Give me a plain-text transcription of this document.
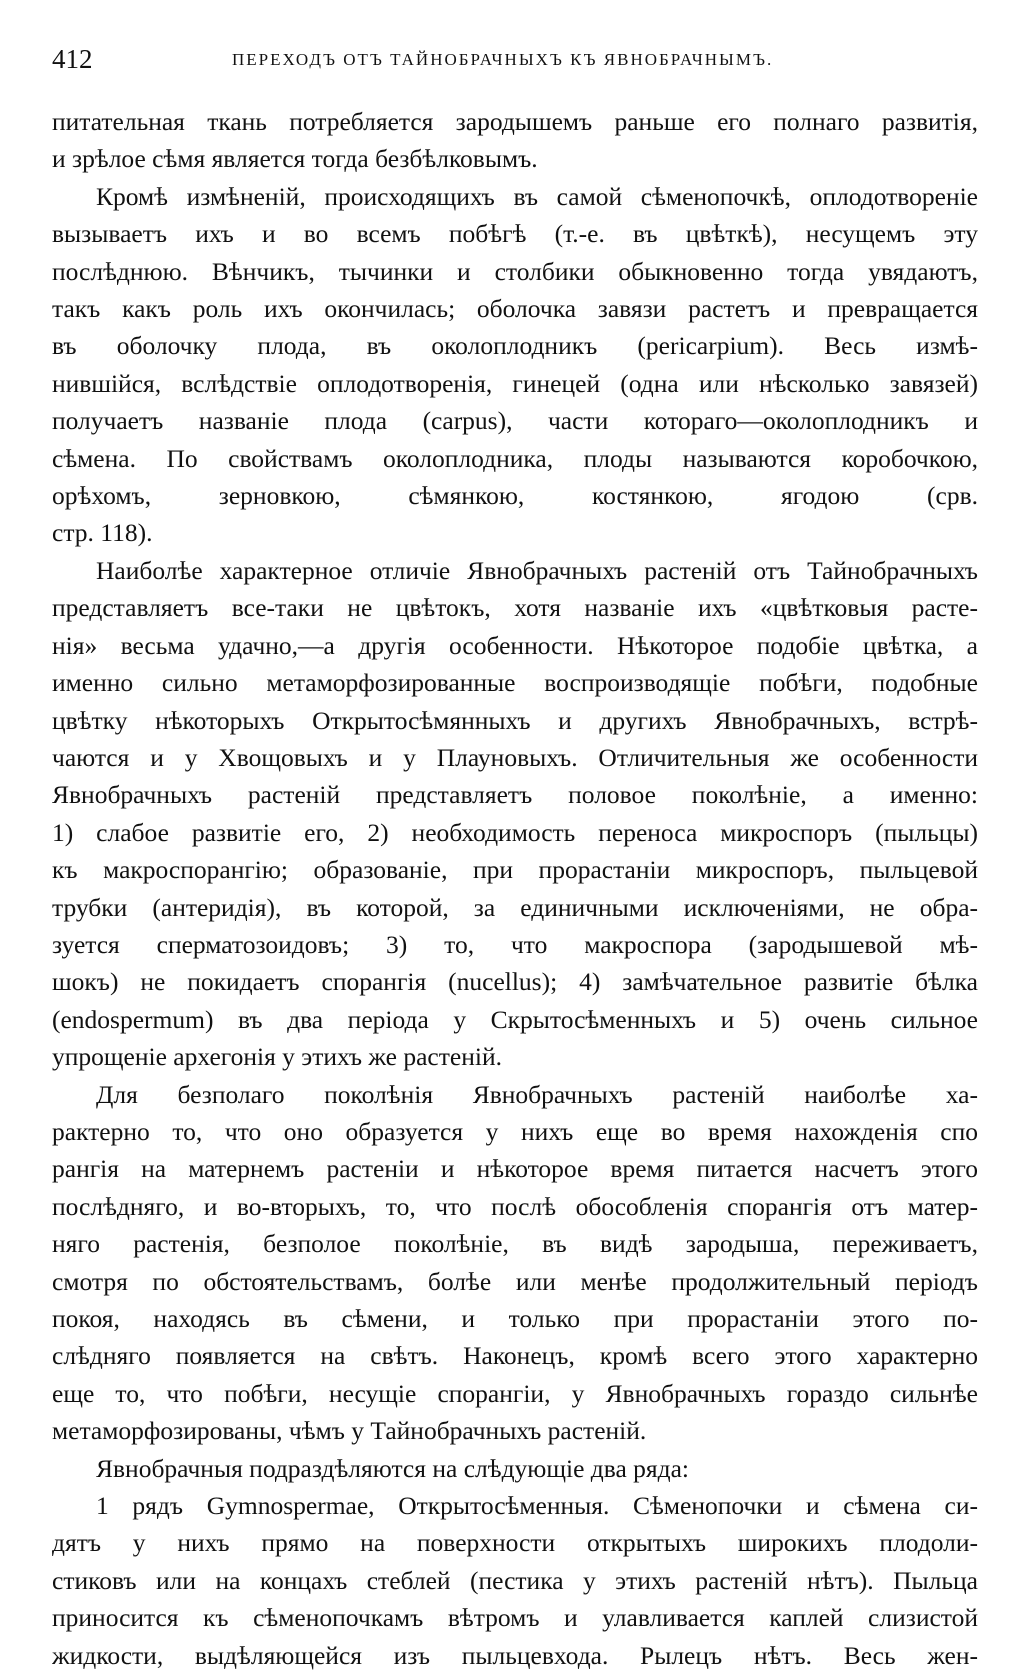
412	ПЕРЕХОДЪ ОТЪ ТАЙНОБРАЧНЫХЪ КЪ ЯВНОБРАЧНЫМЪ.
питательная ткань потребляется зародышемъ раньше его полнаго развитія,
и зрѣлое сѣмя является тогда безбѣлковымъ.
Кромѣ измѣненій, происходящихъ въ самой сѣменопочкѣ, оплодотвореніе
вызываетъ ихъ и во всемъ побѣгѣ (т.-е. въ цвѣткѣ), несущемъ эту
послѣднюю. Вѣнчикъ, тычинки и столбики обыкновенно тогда увядаютъ,
такъ какъ роль ихъ окончилась; оболочка завязи растетъ и превращается
въ оболочку плода, въ околоплодникъ (pericarpium). Весь измѣ-
нившійся, вслѣдствіе оплодотворенія, гинецей (одна или нѣсколько завязей)
получаетъ названіе плода (carpus), части котораго—околоплодникъ и
сѣмена. По свойствамъ околоплодника, плоды называются коробочкою,
орѣхомъ, зерновкою, сѣмянкою, костянкою, ягодою (срв.
стр. 118).
Наиболѣе характерное отличіе Явнобрачныхъ растеній отъ Тайнобрачныхъ
представляетъ все-таки не цвѣтокъ, хотя названіе ихъ «цвѣтковыя расте-
нія» весьма удачно,—а другія особенности. Нѣкоторое подобіе цвѣтка, а
именно сильно метаморфозированные воспроизводящіе побѣги, подобные
цвѣтку нѣкоторыхъ Открытосѣмянныхъ и другихъ Явнобрачныхъ, встрѣ-
чаются и у Хвощовыхъ и у Плауновыхъ. Отличительныя же особенности
Явнобрачныхъ растеній представляетъ половое поколѣніе, а именно:
1) слабое развитіе его, 2) необходимость переноса микроспоръ (пыльцы)
къ макроспорангію; образованіе, при прорастаніи микроспоръ, пыльцевой
трубки (антеридія), въ которой, за единичными исключеніями, не обра-
зуется сперматозоидовъ; 3) то, что макроспора (зародышевой мѣ-
шокъ) не покидаетъ спорангія (nucellus); 4) замѣчательное развитіе бѣлка
(endospermum) въ два періода у Скрытосѣменныхъ и 5) очень сильное
упрощеніе архегонія у этихъ же растеній.
Для безполаго поколѣнія Явнобрачныхъ растеній наиболѣе ха-
рактерно то, что оно образуется у нихъ еще во время нахожденія спо
рангія на матернемъ растеніи и нѣкоторое время питается насчетъ этого
послѣдняго, и во-вторыхъ, то, что послѣ обособленія спорангія отъ матер-
няго растенія, безполое поколѣніе, въ видѣ зародыша, переживаетъ,
смотря по обстоятельствамъ, болѣе или менѣе продолжительный періодъ
покоя, находясь въ сѣмени, и только при прорастаніи этого по-
слѣдняго появляется на свѣтъ. Наконецъ, кромѣ всего этого характерно
еще то, что побѣги, несущіе спорангіи, у Явнобрачныхъ гораздо сильнѣе
метаморфозированы, чѣмъ у Тайнобрачныхъ растеній.
Явнобрачныя подраздѣляются на слѣдующіе два ряда:
1 рядъ Gymnospermae, Открытосѣменныя. Сѣменопочки и сѣмена си-
дятъ у нихъ прямо на поверхности открытыхъ широкихъ плодоли-
стиковъ или на концахъ стеблей (пестика у этихъ растеній нѣтъ). Пыльца
приносится къ сѣменопочкамъ вѣтромъ и улавливается каплей слизистой
жидкости, выдѣляющейся изъ пыльцевхода. Рылецъ нѣтъ. Весь жен-
